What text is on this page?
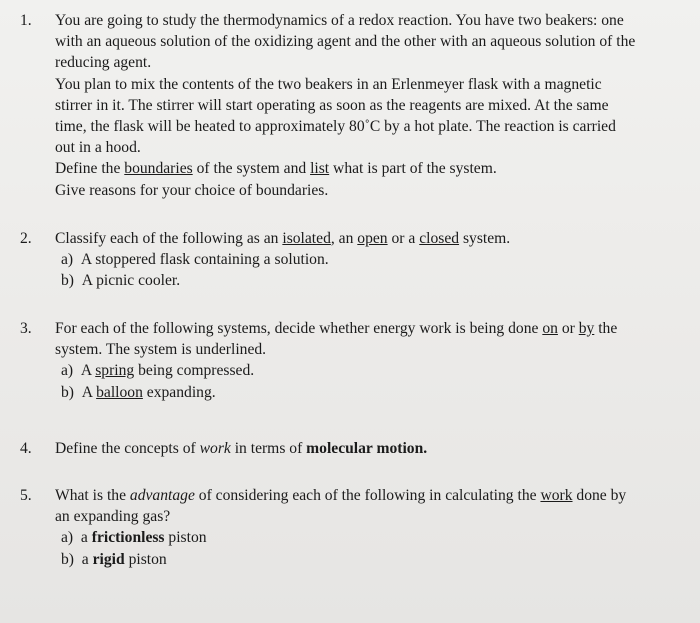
1.	You are going to study the thermodynamics of a redox reaction. You have two beakers: one
with an aqueous solution of the oxidizing agent and the other with an aqueous solution of the
reducing agent.
You plan to mix the contents of the two beakers in an Erlenmeyer flask with a magnetic
stirrer in it. The stirrer will start operating as soon as the reagents are mixed. At the same
time, the flask will be heated to approximately 80˚C by a hot plate. The reaction is carried
out in a hood.
Define the boundaries of the system and list what is part of the system.
Give reasons for your choice of boundaries.
2.	Classify each of the following as an isolated, an open or a closed system.
a) A stoppered flask containing a solution.
b) A picnic cooler.
3.	For each of the following systems, decide whether energy work is being done on or by the
system. The system is underlined.
a) A spring being compressed.
b) A balloon expanding.
4.	Define the concepts of work in terms of molecular motion.
5.	What is the advantage of considering each of the following in calculating the work done by
an expanding gas?
a) a frictionless piston
b) a rigid piston
